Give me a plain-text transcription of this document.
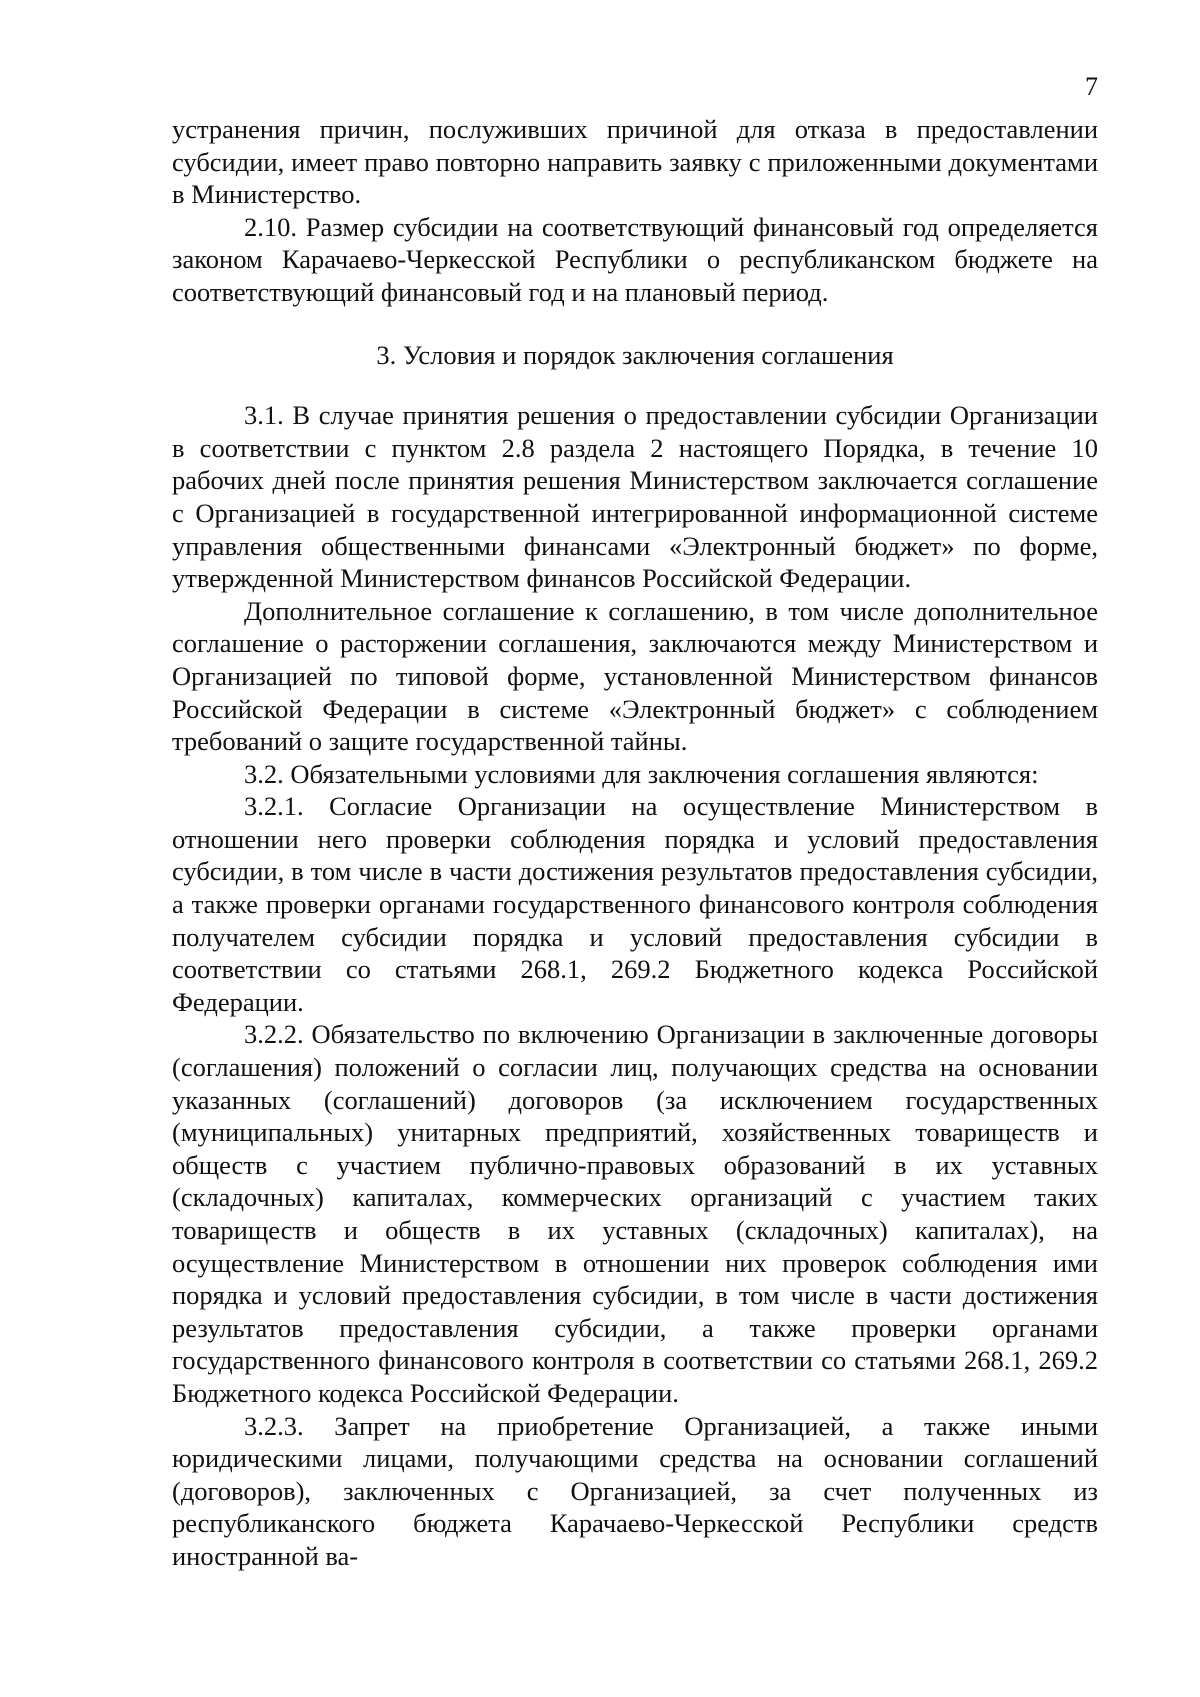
7

устранения причин, послуживших причиной для отказа в предоставлении субсидии, имеет право повторно направить заявку с приложенными документами в Министерство.

2.10. Размер субсидии на соответствующий финансовый год определяется законом Карачаево-Черкесской Республики о республиканском бюджете на соответствующий финансовый год и на плановый период.

3. Условия и порядок заключения соглашения

3.1. В случае принятия решения о предоставлении субсидии Организации в соответствии с пунктом 2.8 раздела 2 настоящего Порядка, в течение 10 рабочих дней после принятия решения Министерством заключается соглашение с Организацией в государственной интегрированной информационной системе управления общественными финансами «Электронный бюджет» по форме, утвержденной Министерством финансов Российской Федерации.

Дополнительное соглашение к соглашению, в том числе дополнительное соглашение о расторжении соглашения, заключаются между Министерством и Организацией по типовой форме, установленной Министерством финансов Российской Федерации в системе «Электронный бюджет» с соблюдением требований о защите государственной тайны.

3.2. Обязательными условиями для заключения соглашения являются:

3.2.1. Согласие Организации на осуществление Министерством в отношении него проверки соблюдения порядка и условий предоставления субсидии, в том числе в части достижения результатов предоставления субсидии, а также проверки органами государственного финансового контроля соблюдения получателем субсидии порядка и условий предоставления субсидии в соответствии со статьями 268.1, 269.2 Бюджетного кодекса Российской Федерации.

3.2.2. Обязательство по включению Организации в заключенные договоры (соглашения) положений о согласии лиц, получающих средства на основании указанных (соглашений) договоров (за исключением государственных (муниципальных) унитарных предприятий, хозяйственных товариществ и обществ с участием публично-правовых образований в их уставных (складочных) капиталах, коммерческих организаций с участием таких товариществ и обществ в их уставных (складочных) капиталах), на осуществление Министерством в отношении них проверок соблюдения ими порядка и условий предоставления субсидии, в том числе в части достижения результатов предоставления субсидии, а также проверки органами государственного финансового контроля в соответствии со статьями 268.1, 269.2 Бюджетного кодекса Российской Федерации.

3.2.3. Запрет на приобретение Организацией, а также иными юридическими лицами, получающими средства на основании соглашений (договоров), заключенных с Организацией, за счет полученных из республиканского бюджета Карачаево-Черкесской Республики средств иностранной ва-
